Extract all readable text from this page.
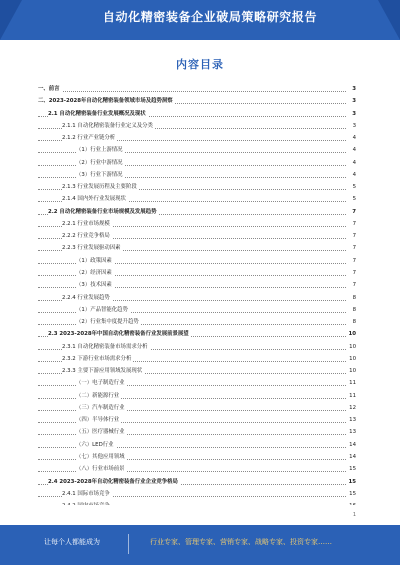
自动化精密装备企业破局策略研究报告
内容目录
一、前言	3
二、2023-2028年自动化精密装备领域市场及趋势洞察	3
2.1 自动化精密装备行业发展概况及现状	3
2.1.1 自动化精密装备行业定义及分类	3
2.1.2 行业产业链分析	4
（1）行业上游情况	4
（2）行业中游情况	4
（3）行业下游情况	4
2.1.3 行业发展历程及主要阶段	5
2.1.4 国内外行业发展现状	5
2.2 自动化精密装备行业市场规模及发展趋势	7
2.2.1 行业市场规模	7
2.2.2 行业竞争格局	7
2.2.3 行业发展驱动因素	7
（1）政策因素	7
（2）经济因素	7
（3）技术因素	7
2.2.4 行业发展趋势	8
（1）产品智能化趋势	8
（2）行业集中度提升趋势	8
2.3 2023-2028年中国自动化精密装备行业发展前景展望	10
2.3.1 自动化精密装备市场需求分析	10
2.3.2 下游行业市场需求分析	10
2.3.3 主要下游应用领域发展现状	10
（一）电子制造行业	11
（二）新能源行业	11
（三）汽车制造行业	12
（四）半导体行业	13
（五）医疗器械行业	13
（六）LED行业	14
（七）其他应用领域	14
（八）行业市场前景	15
2.4 2023-2028年自动化精密装备行业企业竞争格局	15
2.4.1 国际市场竞争	15
1
让每个人都能成为	行业专家、管理专家、营销专家、战略专家、投资专家……
